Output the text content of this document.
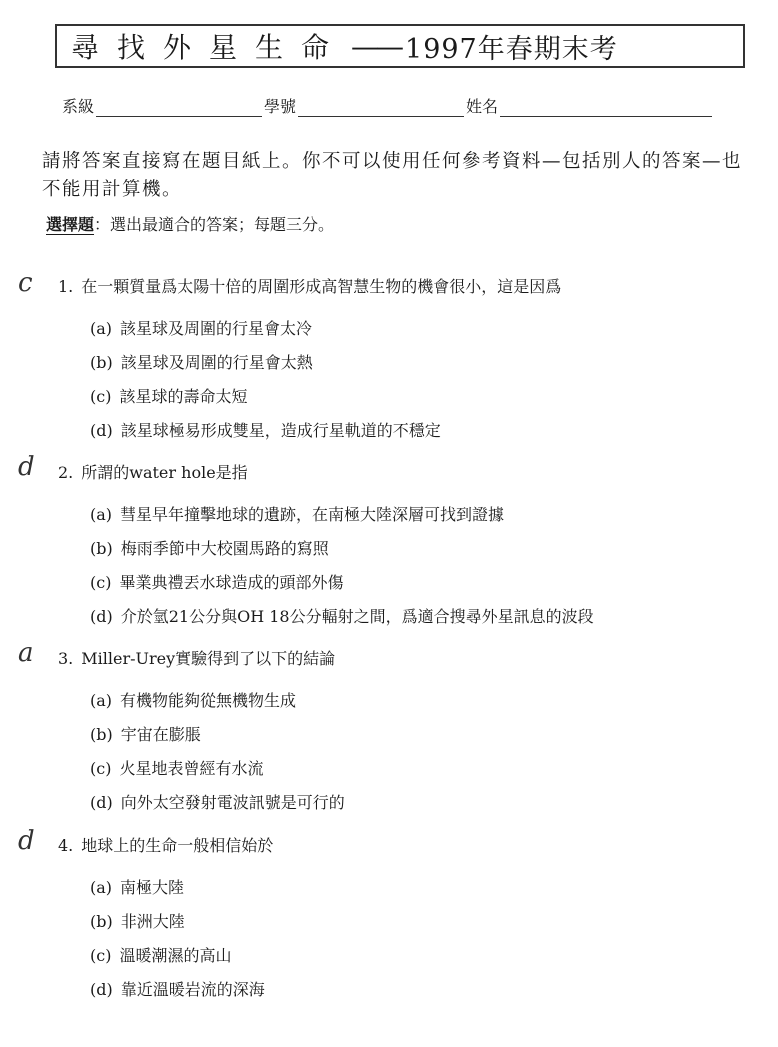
尋找外星生命 —— 1997年春期末考
系級	學號	姓名
請將答案直接寫在題目紙上。你不可以使用任何參考資料—包括別人的答案—也不能用計算機。
選擇題：選出最適合的答案；每題三分。
c 1. 在一顆質量爲太陽十倍的周圍形成高智慧生物的機會很小，這是因爲
(a) 該星球及周圍的行星會太冷
(b) 該星球及周圍的行星會太熱
(c) 該星球的壽命太短
(d) 該星球極易形成雙星，造成行星軌道的不穩定
d 2. 所謂的water hole是指
(a) 彗星早年撞擊地球的遺跡，在南極大陸深層可找到證據
(b) 梅雨季節中大校園馬路的寫照
(c) 畢業典禮丟水球造成的頭部外傷
(d) 介於氫21公分與OH 18公分輻射之間，爲適合搜尋外星訊息的波段
a 3. Miller-Urey實驗得到了以下的結論
(a) 有機物能夠從無機物生成
(b) 宇宙在膨脹
(c) 火星地表曾經有水流
(d) 向外太空發射電波訊號是可行的
d 4. 地球上的生命一般相信始於
(a) 南極大陸
(b) 非洲大陸
(c) 溫暖潮濕的高山
(d) 靠近溫暖岩流的深海
